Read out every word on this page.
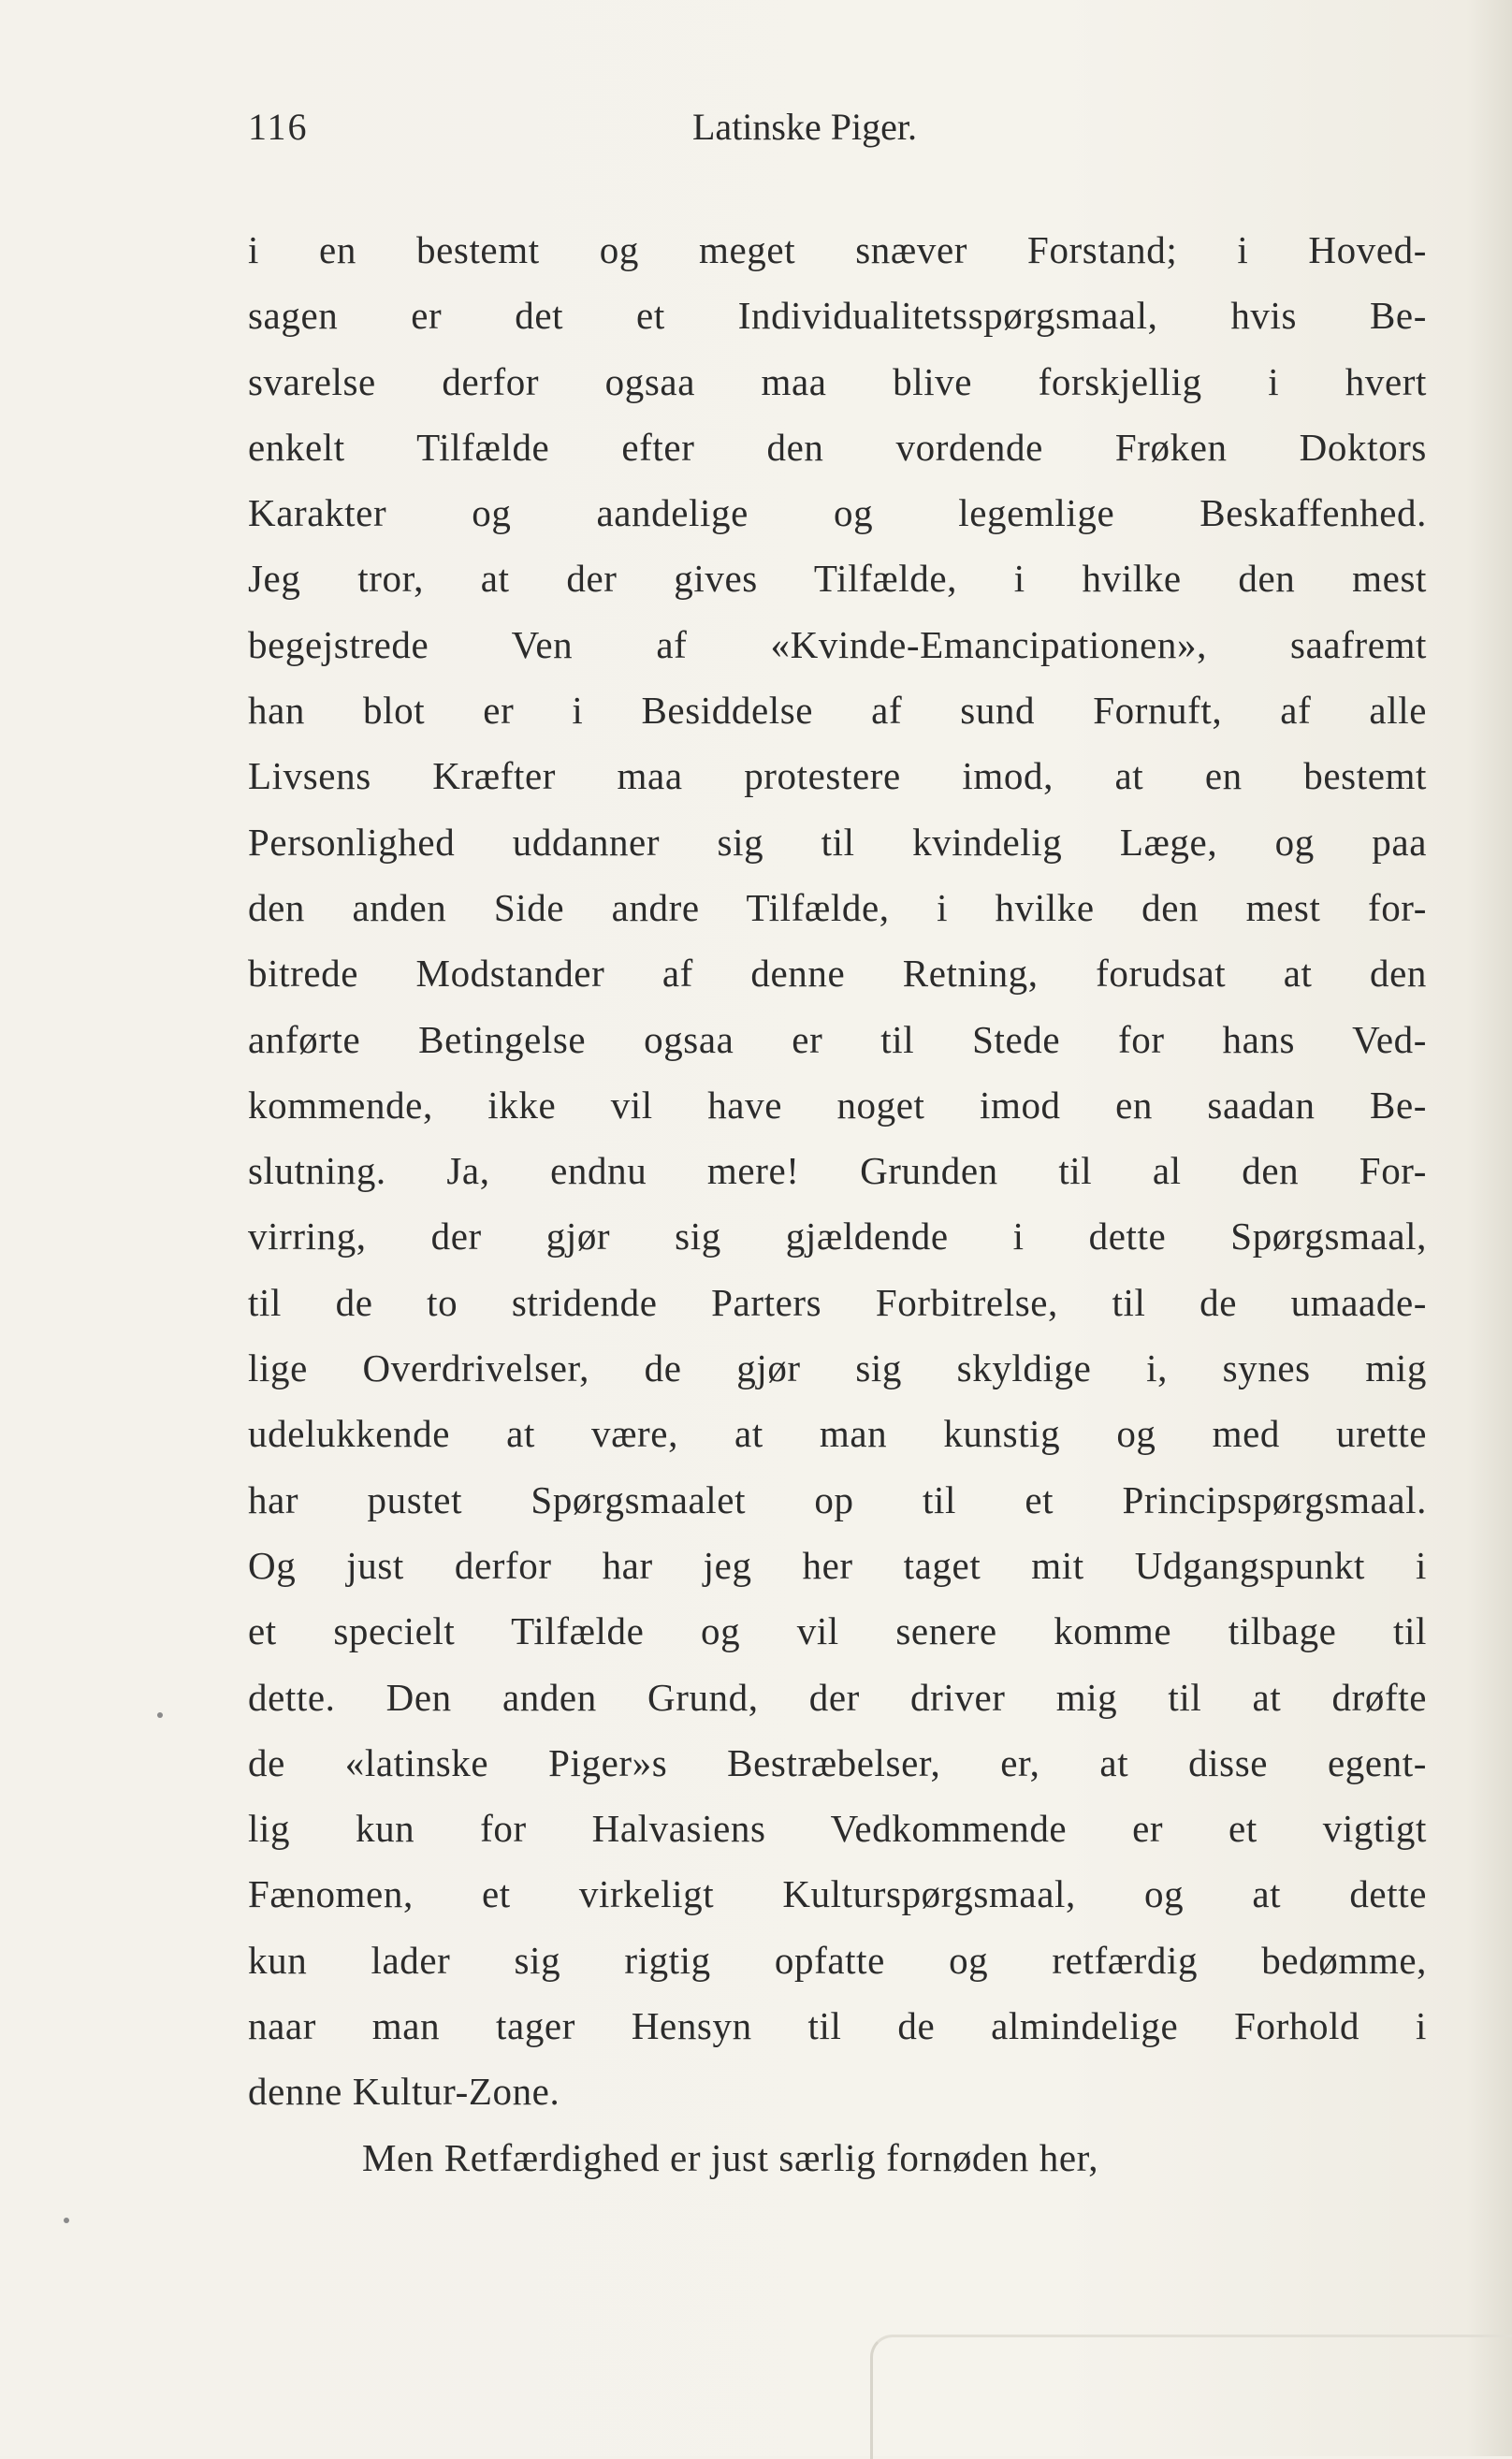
116	Latinske Piger.
i en bestemt og meget snæver Forstand; i Hoved-
sagen er det et Individualitetsspørgsmaal, hvis Be-
svarelse derfor ogsaa maa blive forskjellig i hvert
enkelt Tilfælde efter den vordende Frøken Doktors
Karakter og aandelige og legemlige Beskaffenhed.
Jeg tror, at der gives Tilfælde, i hvilke den mest
begejstrede Ven af «Kvinde-Emancipationen», saafremt
han blot er i Besiddelse af sund Fornuft, af alle
Livsens Kræfter maa protestere imod, at en bestemt
Personlighed uddanner sig til kvindelig Læge, og paa
den anden Side andre Tilfælde, i hvilke den mest for-
bitrede Modstander af denne Retning, forudsat at den
anførte Betingelse ogsaa er til Stede for hans Ved-
kommende, ikke vil have noget imod en saadan Be-
slutning. Ja, endnu mere! Grunden til al den For-
virring, der gjør sig gjældende i dette Spørgsmaal,
til de to stridende Parters Forbitrelse, til de umaade-
lige Overdrivelser, de gjør sig skyldige i, synes mig
udelukkende at være, at man kunstig og med urette
har pustet Spørgsmaalet op til et Principspørgsmaal.
Og just derfor har jeg her taget mit Udgangspunkt i
et specielt Tilfælde og vil senere komme tilbage til
dette. Den anden Grund, der driver mig til at drøfte
de «latinske Piger»s Bestræbelser, er, at disse egent-
lig kun for Halvasiens Vedkommende er et vigtigt
Fænomen, et virkeligt Kulturspørgsmaal, og at dette
kun lader sig rigtig opfatte og retfærdig bedømme,
naar man tager Hensyn til de almindelige Forhold i
denne Kultur-Zone.
Men Retfærdighed er just særlig fornøden her,
